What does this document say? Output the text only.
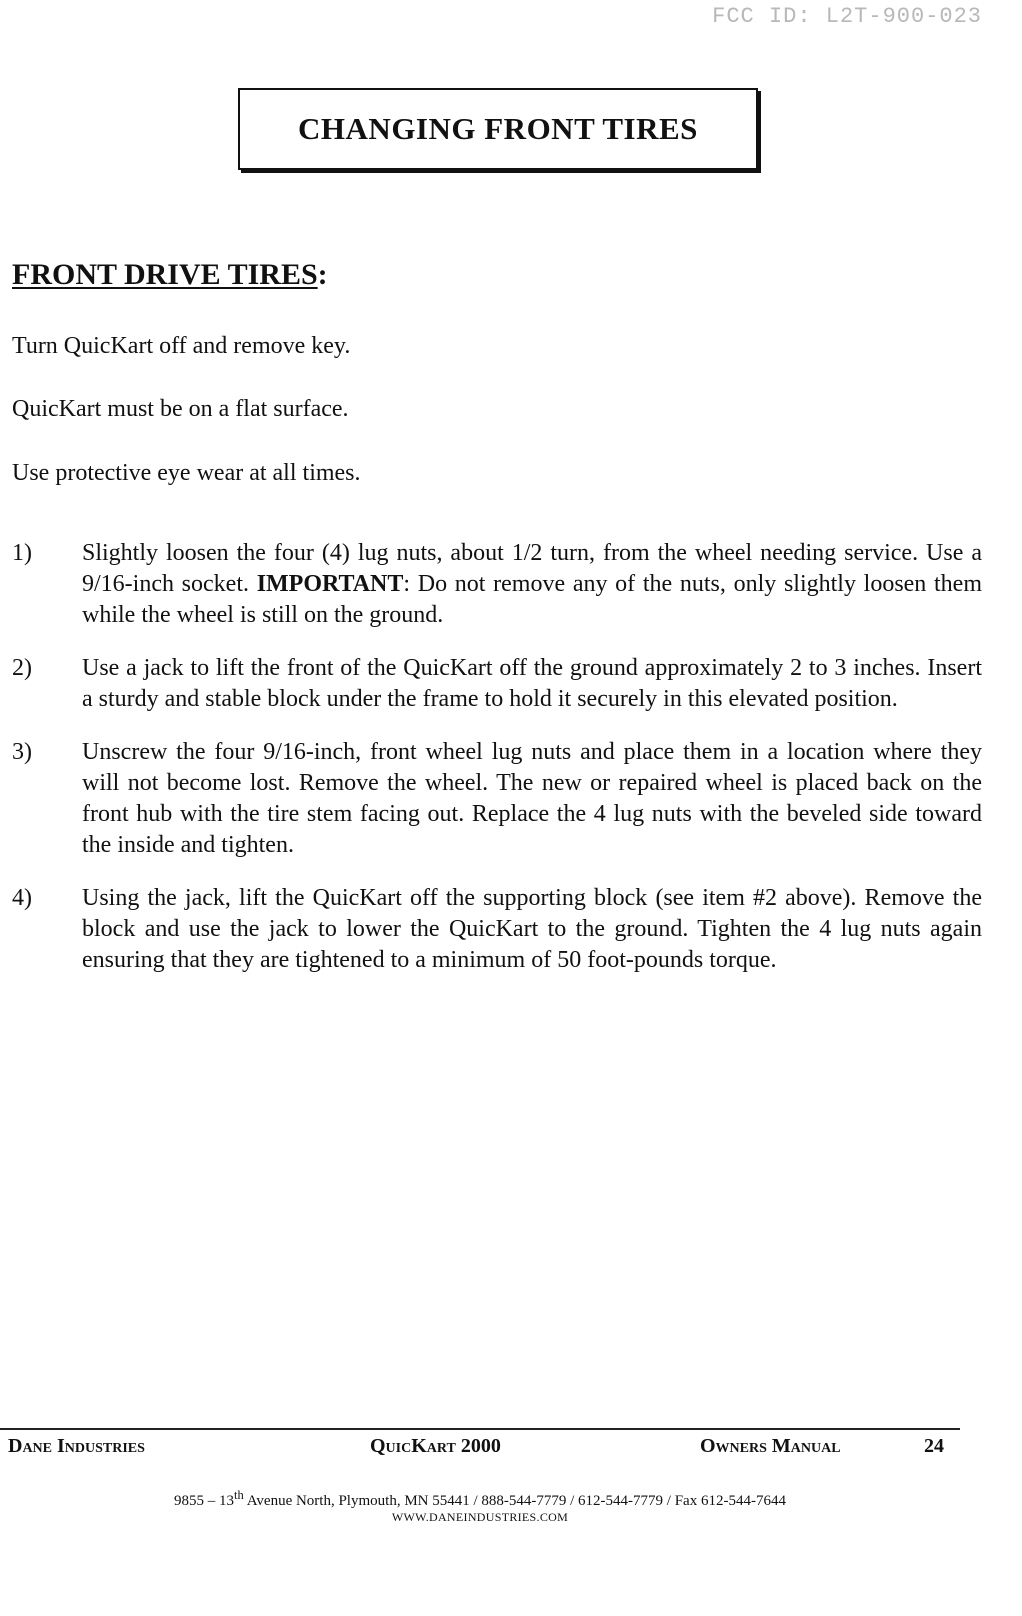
FCC ID: L2T-900-023
CHANGING FRONT TIRES
FRONT DRIVE TIRES:

Turn QuicKart off and remove key.

QuicKart must be on a flat surface.

Use protective eye wear at all times.

1)	Slightly loosen the four (4) lug nuts, about 1/2 turn, from the wheel needing service. Use a 9/16-inch socket. IMPORTANT: Do not remove any of the nuts, only slightly loosen them while the wheel is still on the ground.
2)	Use a jack to lift the front of the QuicKart off the ground approximately 2 to 3 inches. Insert a sturdy and stable block under the frame to hold it securely in this elevated position.
3)	Unscrew the four 9/16-inch, front wheel lug nuts and place them in a location where they will not become lost. Remove the wheel. The new or repaired wheel is placed back on the front hub with the tire stem facing out. Replace the 4 lug nuts with the beveled side toward the inside and tighten.
4)	Using the jack, lift the QuicKart off the supporting block (see item #2 above). Remove the block and use the jack to lower the QuicKart to the ground. Tighten the 4 lug nuts again ensuring that they are tightened to a minimum of 50 foot-pounds torque.
Dane Industries	QuicKart 2000	Owners Manual	24
9855 – 13th Avenue North, Plymouth, MN 55441 / 888-544-7779 / 612-544-7779 / Fax 612-544-7644
WWW.DANEINDUSTRIES.COM
